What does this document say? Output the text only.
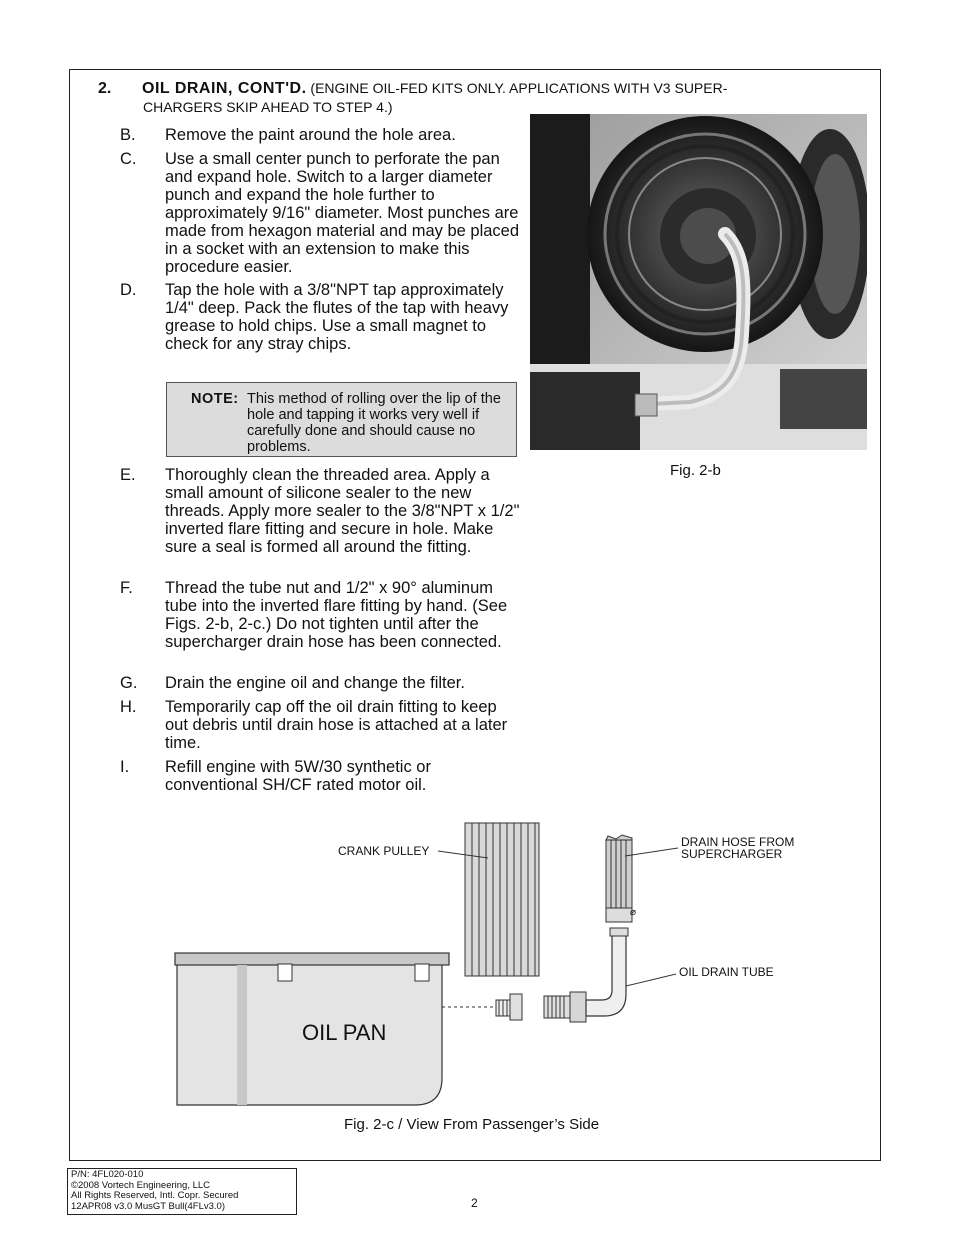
2. OIL DRAIN, CONT'D. (ENGINE OIL-FED KITS ONLY. APPLICATIONS WITH V3 SUPER-
CHARGERS SKIP AHEAD TO STEP 4.)
B. Remove the paint around the hole area.
C. Use a small center punch to perforate the pan and expand hole. Switch to a larger diameter punch and expand the hole further to approximately 9/16" diameter. Most punches are made from hexagon material and may be placed in a socket with an extension to make this procedure easier.
D. Tap the hole with a 3/8"NPT tap approximately 1/4" deep. Pack the flutes of the tap with heavy grease to hold chips. Use a small magnet to check for any stray chips.
NOTE: This method of rolling over the lip of the hole and tapping it works very well if carefully done and should cause no problems.
E. Thoroughly clean the threaded area. Apply a small amount of silicone sealer to the new threads. Apply more sealer to the 3/8"NPT x 1/2" inverted flare fitting and secure in hole. Make sure a seal is formed all around the fitting.
F. Thread the tube nut and 1/2" x 90° aluminum tube into the inverted flare fitting by hand. (See Figs. 2-b, 2-c.) Do not tighten until after the supercharger drain hose has been connected.
G. Drain the engine oil and change the filter.
H. Temporarily cap off the oil drain fitting to keep out debris until drain hose is attached at a later time.
I. Refill engine with 5W/30 synthetic or conventional SH/CF rated motor oil.
Fig. 2-b
⌀
CRANK PULLEY
DRAIN HOSE FROM
SUPERCHARGER
OIL DRAIN TUBE
OIL PAN
Fig. 2-c / View From Passenger’s Side
P/N: 4FL020-010
©2008 Vortech Engineering, LLC
All Rights Reserved, Intl. Copr. Secured
12APR08 v3.0 MusGT Bull(4FLv3.0)	2
